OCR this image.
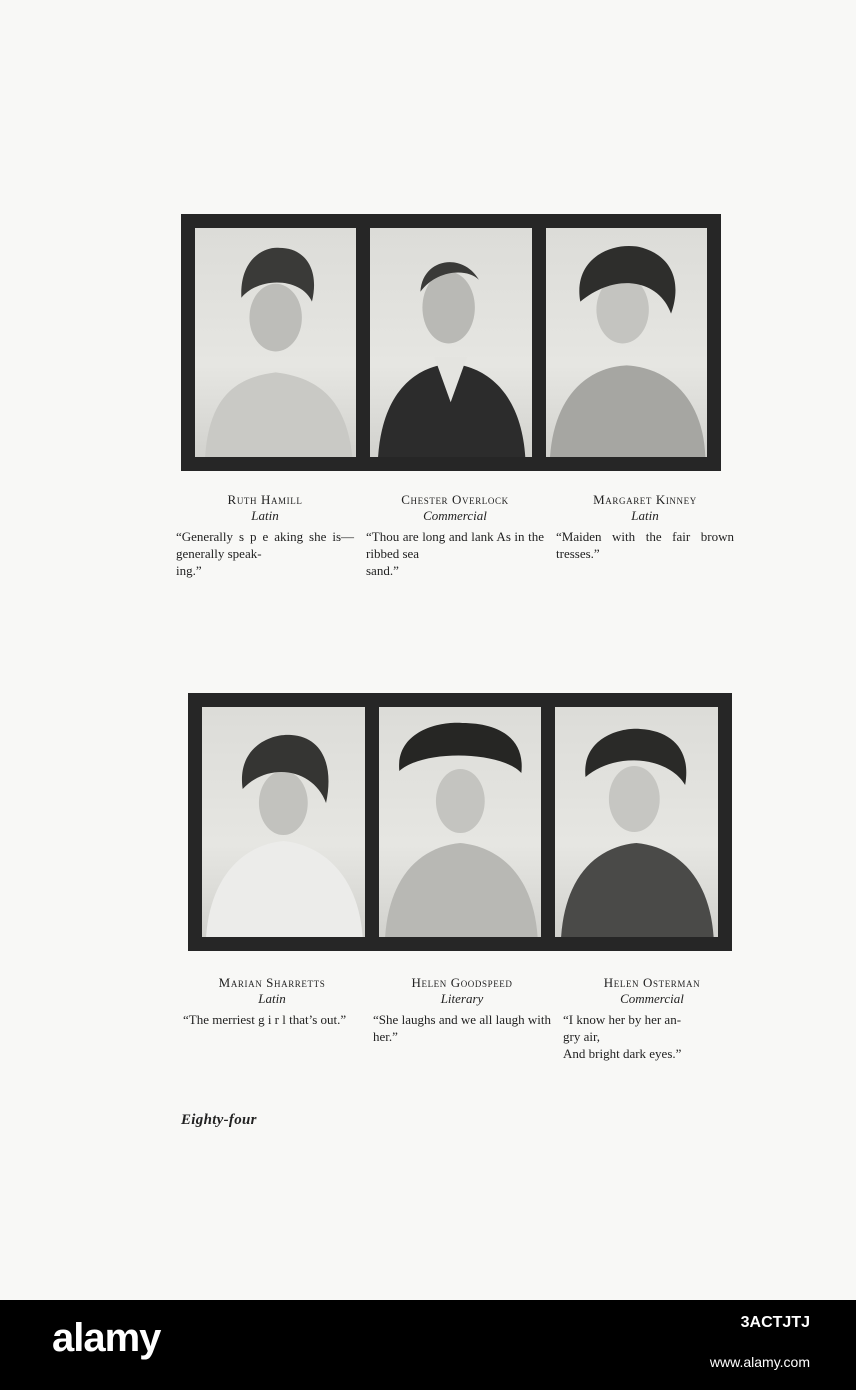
Ruth Hamill

Latin

“Generally s p e aking she is—generally speak-
ing.”

Chester Overlock

Commercial

“Thou are long and lank As in the ribbed sea
sand.”

Margaret Kinney

Latin

“Maiden with the fair brown tresses.”

Marian Sharretts

Latin

“The merriest g i r l that’s out.”

Helen Goodspeed

Literary

“She laughs and we all laugh with her.”

Helen Osterman

Commercial

“I know her by her an-
gry air,
And bright dark eyes.”

Eighty-four
alamy	3ACTJTJ
www.alamy.com
